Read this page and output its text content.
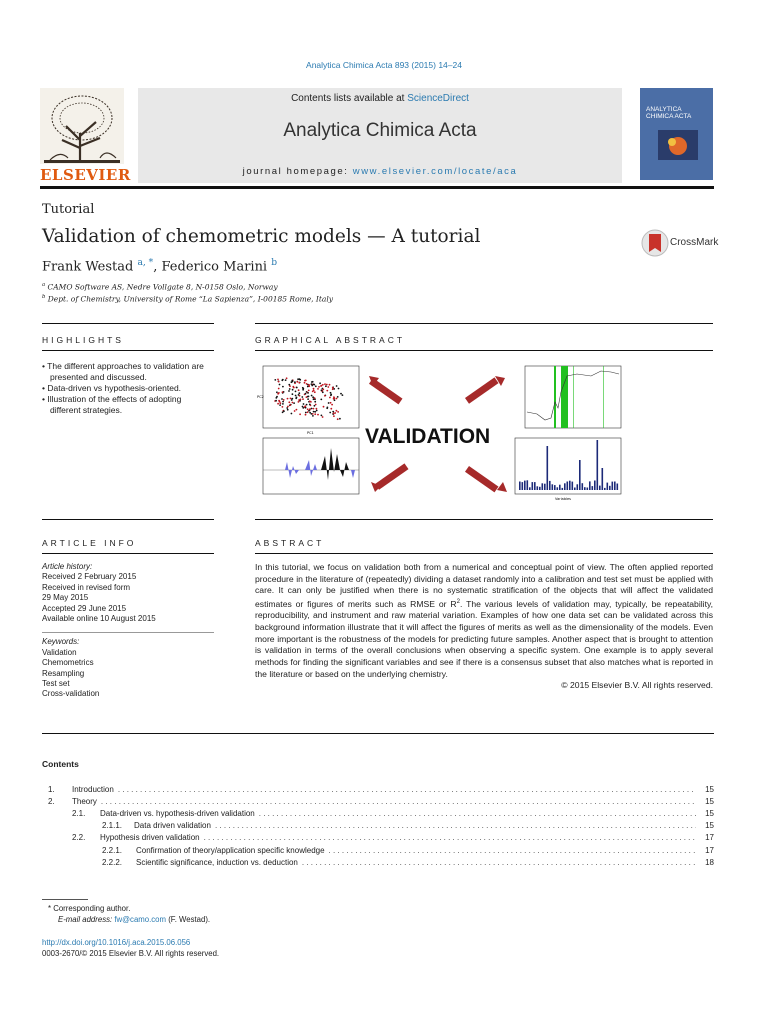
Analytica Chimica Acta 893 (2015) 14–24
ELSEVIER
Contents lists available at ScienceDirect
Analytica Chimica Acta
journal homepage: www.elsevier.com/locate/aca
ANALYTICA CHIMICA ACTA
Tutorial
Validation of chemometric models — A tutorial	CrossMark
Frank Westad $^{a, *}$, Federico Marini $^b$
$^a$ CAMO Software AS, Nedre Vollgate 8, N-0158 Oslo, Norway
$^b$ Dept. of Chemistry, University of Rome “La Sapienza”, I-00185 Rome, Italy
HIGHLIGHTS	GRAPHICAL ABSTRACT
• The different approaches to validation are presented and discussed.
• Data-driven vs hypothesis-oriented.
• Illustration of the effects of adopting different strategies.
PC2
PC1
Variables
VALIDATION
ARTICLE INFO	ABSTRACT
Article history:
Received 2 February 2015
Received in revised form
29 May 2015
Accepted 29 June 2015
Available online 10 August 2015
Keywords:
Validation
Chemometrics
Resampling
Test set
Cross-validation
In this tutorial, we focus on validation both from a numerical and conceptual point of view. The often applied reported procedure in the literature of (repeatedly) dividing a dataset randomly into a calibration and test set must be applied with care. It can only be justified when there is no systematic stratification of the objects that will affect the validated estimates or figures of merits such as RMSE or $R^2$. The various levels of validation may, typically, be repeatability, reproducibility, and instrument and raw material variation. Examples of how one data set can be validated across this background information illustrate that it will affect the figures of merits as well as the dimensionality of the models. Even more important is the robustness of the models for predicting future samples. Another aspect that is brought to attention is validation in terms of the overall conclusions when observing a specific system. One example is to apply several methods for finding the significant variables and see if there is a consensus subset that also matches what is reported in the literature or based on the underlying chemistry.
© 2015 Elsevier B.V. All rights reserved.
Contents
1.	Introduction . . .	15
2.	Theory . . .	15
2.1.	Data-driven vs. hypothesis-driven validation . . .	15
2.1.1.	Data driven validation . . .	15
2.2.	Hypothesis driven validation . . .	17
2.2.1.	Confirmation of theory/application specific knowledge . . .	17
2.2.2.	Scientific significance, induction vs. deduction . . .	18
* Corresponding author.
E-mail address: fw@camo.com (F. Westad).
http://dx.doi.org/10.1016/j.aca.2015.06.056
0003-2670/© 2015 Elsevier B.V. All rights reserved.
